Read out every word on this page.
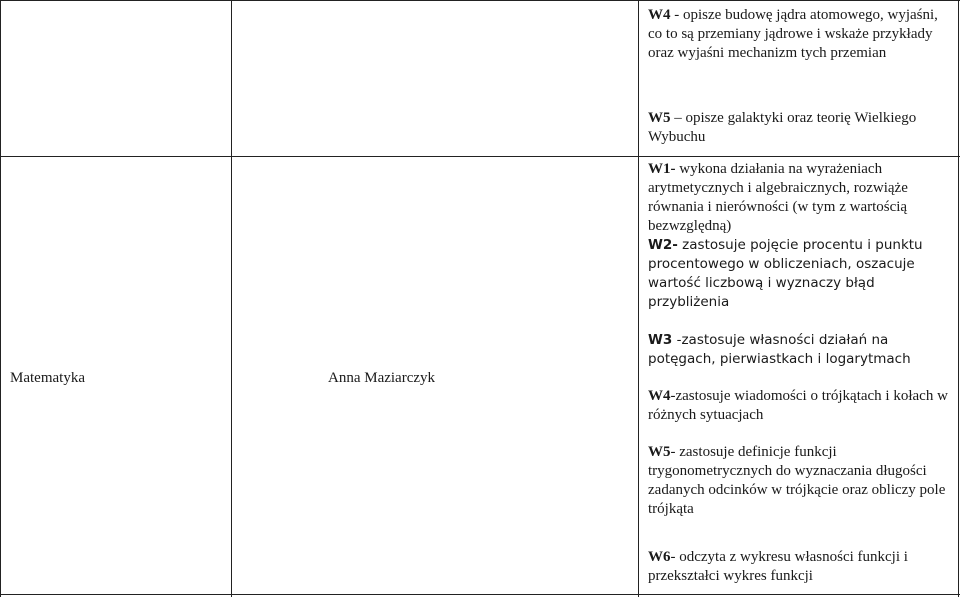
W4 - opisze budowę jądra atomowego, wyjaśni, co to są przemiany jądrowe i wskaże przykłady oraz wyjaśni mechanizm tych przemian
W5 – opisze galaktyki oraz teorię Wielkiego Wybuchu
Matematyka	Anna Maziarczyk
W1- wykona działania na wyrażeniach arytmetycznych i algebraicznych, rozwiąże równania i nierówności (w tym z wartością bezwzględną)
W2- zastosuje pojęcie procentu i punktu procentowego w obliczeniach, oszacuje wartość liczbową i wyznaczy błąd przybliżenia
W3 -zastosuje własności działań na potęgach, pierwiastkach i logarytmach
W4-zastosuje wiadomości o trójkątach i kołach w różnych sytuacjach
W5- zastosuje definicje funkcji trygonometrycznych do wyznaczania długości zadanych odcinków w trójkącie oraz obliczy pole trójkąta
W6- odczyta z wykresu własności funkcji i przekształci wykres funkcji
